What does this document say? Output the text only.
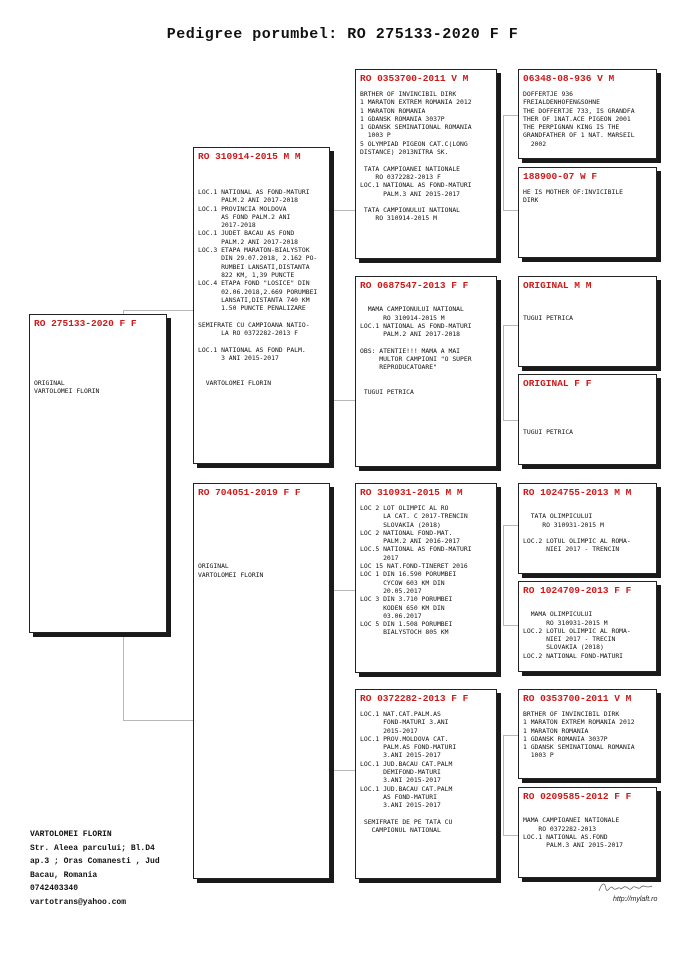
Pedigree porumbel: RO 275133-2020 F F
RO 275133-2020 F F
ORIGINAL
VARTOLOMEI FLORIN
RO 310914-2015 M M
LOC.1 NATIONAL AS FOND-MATURI
PALM.2 ANI 2017-2018
LOC.1 PROVINCIA MOLDOVA
AS FOND PALM.2 ANI
2017-2018
LOC.1 JUDET BACAU AS FOND
PALM.2 ANI 2017-2018
LOC.3 ETAPA MARATON-BIALYSTOK
DIN 29.07.2018, 2.162 PO-
RUMBEI LANSATI,DISTANTA
822 KM, 1,39 PUNCTE
LOC.4 ETAPA FOND "LOSICE" DIN
02.06.2018,2.669 PORUMBEI
LANSATI,DISTANTA 740 KM
1.50 PUNCTE PENALIZARE

SEMIFRATE CU CAMPIOANA NATIO-
LA RO 0372282-2013 F

LOC.1 NATIONAL AS FOND PALM.
3 ANI 2015-2017

VARTOLOMEI FLORIN
RO 704051-2019 F F

ORIGINAL
VARTOLOMEI FLORIN
RO 0353700-2011 V M
BRTHER OF INVINCIBIL DIRK
1 MARATON EXTREM ROMANIA 2012
1 MARATON ROMANIA
1 GDANSK ROMANIA 3037P
1 GDANSK SEMINATIONAL ROMANIA
1003 P
5 OLYMPIAD PIGEON CAT.C(LONG
DISTANCE) 2013NITRA SK.

TATA CAMPIOANEI NATIONALE
RO 0372282-2013 F
LOC.1 NATIONAL AS FOND-MATURI
PALM.3 ANI 2015-2017

TATA CAMPIONULUI NATIONAL
RO 310914-2015 M
RO 0687547-2013 F F

MAMA CAMPIONULUI NATIONAL
RO 310914-2015 M
LOC.1 NATIONAL AS FOND-MATURI
PALM.2 ANI 2017-2018

OBS: ATENTIE!!! MAMA A MAI
MULTOR CAMPIONI "O SUPER
REPRODUCATOARE"

TUGUI PETRICA
RO 310931-2015 M M
LOC 2 LOT OLIMPIC AL RO
LA CAT. C 2017-TRENCIN
SLOVAKIA (2018)
LOC 2 NATIONAL FOND-MAT.
PALM.2 ANI 2016-2017
LOC.5 NATIONAL AS FOND-MATURI
2017
LOC 15 NAT.FOND-TINERET 2016
LOC 1 DIN 16.590 PORUMBEI
CYCOW 603 KM DIN
20.05.2017
LOC 3 DIN 3.710 PORUMBEI
KODEN 650 KM DIN
03.06.2017
LOC 5 DIN 1.508 PORUMBEI
BIALYSTOCH 805 KM
RO 0372282-2013 F F
LOC.1 NAT.CAT.PALM.AS
FOND-MATURI 3.ANI
2015-2017
LOC.1 PROV.MOLDOVA CAT.
PALM.AS FOND-MATURI
3.ANI 2015-2017
LOC.1 JUD.BACAU CAT.PALM
DEMIFOND-MATURI
3.ANI 2015-2017
LOC.1 JUD.BACAU CAT.PALM
AS FOND-MATURI
3.ANI 2015-2017

SEMIFRATE DE PE TATA CU
CAMPIONUL NATIONAL
06348-08-936 V M
DOFFERTJE 936
FREIALDENHOFEN&SOHNE
THE DOFFERTJE 733, IS GRANDFA
THER OF 1NAT.ACE PIGEON 2001
THE PERPIGNAN KING IS THE
GRANDFATHER OF 1 NAT. MARSEIL
2002
188900-07 W F
HE IS MOTHER OF:INVICIBILE
DIRK
ORIGINAL M M

TUGUI PETRICA
ORIGINAL F F

TUGUI PETRICA
RO 1024755-2013 M M

TATA OLIMPICULUI
RO 310931-2015 M

LOC.2 LOTUL OLIMPIC AL ROMA-
NIEI 2017 - TRENCIN
RO 1024709-2013 F F

MAMA OLIMPICULUI
RO 310931-2015 M
LOC.2 LOTUL OLIMPIC AL ROMA-
NIEI 2017 - TRECIN
SLOVAKIA (2018)
LOC.2 NATIONAL FOND-MATURI
RO 0353700-2011 V M
BRTHER OF INVINCIBIL DIRK
1 MARATON EXTREM ROMANIA 2012
1 MARATON ROMANIA
1 GDANSK ROMANIA 3037P
1 GDANSK SEMINATIONAL ROMANIA
1003 P
RO 0209585-2012 F F

MAMA CAMPIOANEI NATIONALE
RO 0372282-2013
LOC.1 NATIONAL AS.FOND
PALM.3 ANI 2015-2017
VARTOLOMEI FLORIN
Str. Aleea parcului; Bl.D4
ap.3 ; Oras Comanesti , Jud
Bacau, Romania
0742403340
vartotrans@yahoo.com	http://mylaft.ro
